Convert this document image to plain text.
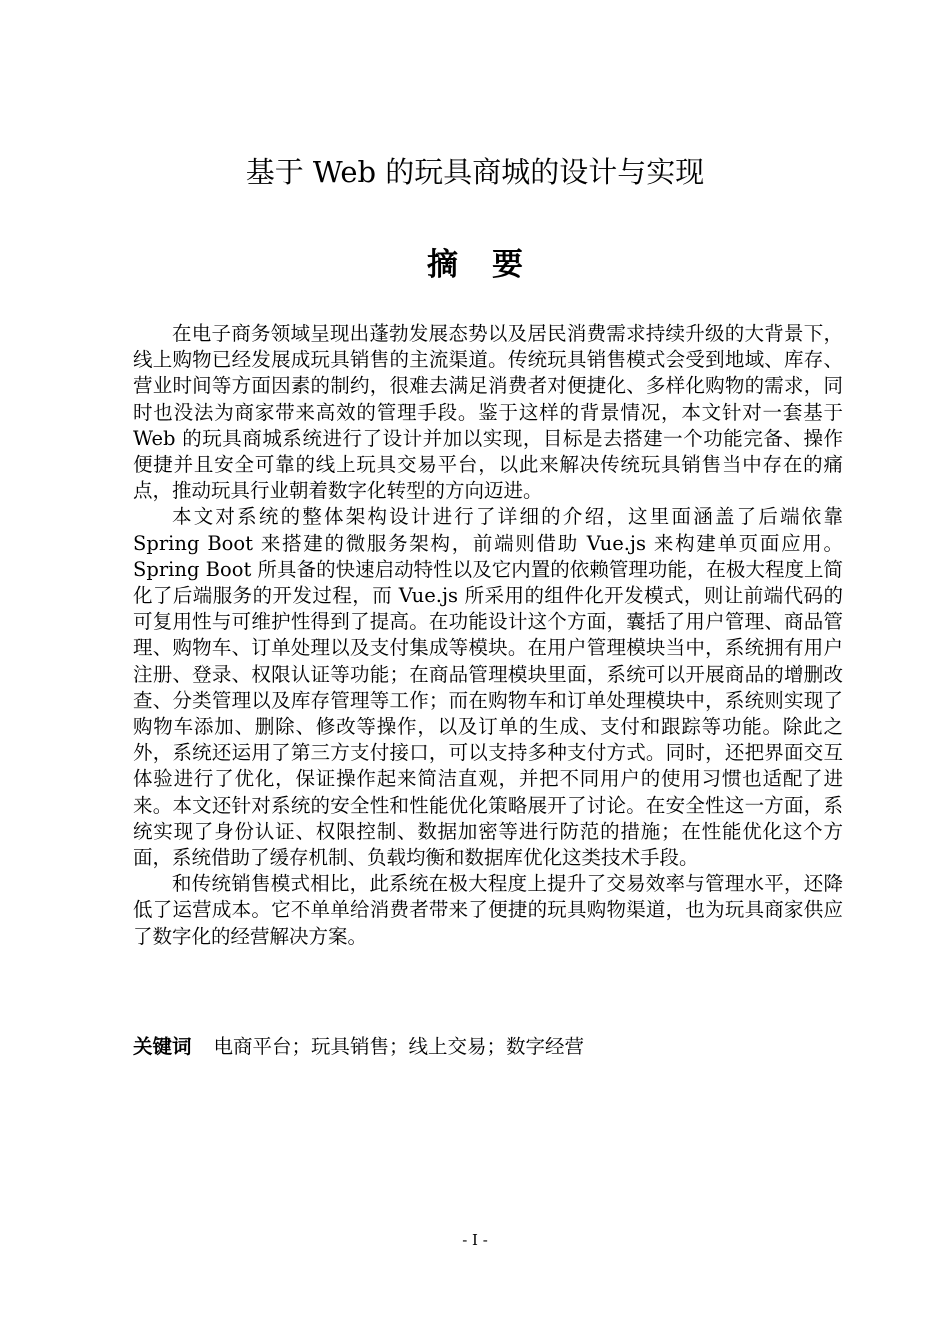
基于 Web 的玩具商城的设计与实现
摘 要

在电子商务领域呈现出蓬勃发展态势以及居民消费需求持续升级的大背景下，线上购物已经发展成玩具销售的主流渠道。传统玩具销售模式会受到地域、库存、营业时间等方面因素的制约，很难去满足消费者对便捷化、多样化购物的需求，同时也没法为商家带来高效的管理手段。鉴于这样的背景情况，本文针对一套基于 Web 的玩具商城系统进行了设计并加以实现，目标是去搭建一个功能完备、操作便捷并且安全可靠的线上玩具交易平台，以此来解决传统玩具销售当中存在的痛点，推动玩具行业朝着数字化转型的方向迈进。

本文对系统的整体架构设计进行了详细的介绍，这里面涵盖了后端依靠 Spring Boot 来搭建的微服务架构，前端则借助 Vue.js 来构建单页面应用。Spring Boot 所具备的快速启动特性以及它内置的依赖管理功能，在极大程度上简化了后端服务的开发过程，而 Vue.js 所采用的组件化开发模式，则让前端代码的可复用性与可维护性得到了提高。在功能设计这个方面，囊括了用户管理、商品管理、购物车、订单处理以及支付集成等模块。在用户管理模块当中，系统拥有用户注册、登录、权限认证等功能；在商品管理模块里面，系统可以开展商品的增删改查、分类管理以及库存管理等工作；而在购物车和订单处理模块中，系统则实现了购物车添加、删除、修改等操作，以及订单的生成、支付和跟踪等功能。除此之外，系统还运用了第三方支付接口，可以支持多种支付方式。同时，还把界面交互体验进行了优化，保证操作起来简洁直观，并把不同用户的使用习惯也适配了进来。本文还针对系统的安全性和性能优化策略展开了讨论。在安全性这一方面，系统实现了身份认证、权限控制、数据加密等进行防范的措施；在性能优化这个方面，系统借助了缓存机制、负载均衡和数据库优化这类技术手段。

和传统销售模式相比，此系统在极大程度上提升了交易效率与管理水平，还降低了运营成本。它不单单给消费者带来了便捷的玩具购物渠道，也为玩具商家供应了数字化的经营解决方案。

关键词 电商平台；玩具销售；线上交易；数字经营
- I -
